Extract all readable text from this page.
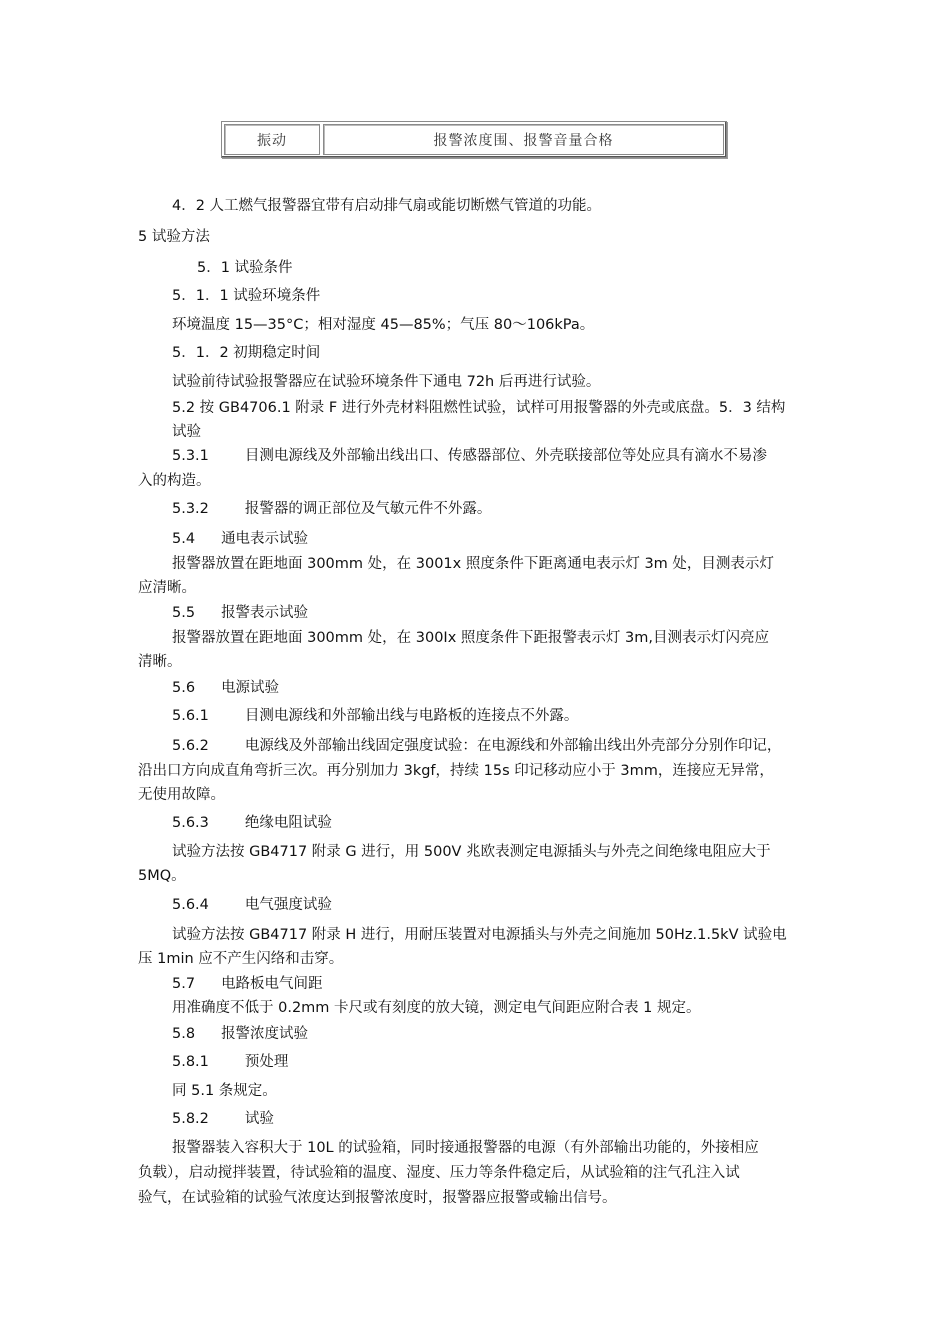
振动	报警浓度围、报警音量合格
4．2 人工燃气报警器宜带有启动排气扇或能切断燃气管道的功能。
5 试验方法
5．1 试验条件
5．1．1 试验环境条件
环境温度 15—35°C；相对湿度 45—85%；气压 80〜106kPa。
5．1．2 初期稳定时间
试验前待试验报警器应在试验环境条件下通电 72h 后再进行试验。
5.2 按 GB4706.1 附录 F 进行外壳材料阻燃性试验，试样可用报警器的外壳或底盘。5．3 结构
试验
5.3.1 目测电源线及外部输出线出口、传感器部位、外壳联接部位等处应具有滴水不易渗
入的构造。
5.3.2 报警器的调正部位及气敏元件不外露。
5.4 通电表示试验
报警器放置在距地面 300mm 处，在 3001x 照度条件下距离通电表示灯 3m 处，目测表示灯
应清晰。
5.5 报警表示试验
报警器放置在距地面 300mm 处，在 300Ix 照度条件下距报警表示灯 3m,目测表示灯闪亮应
清晰。
5.6 电源试验
5.6.1 目测电源线和外部输出线与电路板的连接点不外露。
5.6.2 电源线及外部输出线固定强度试验：在电源线和外部输出线出外壳部分分别作印记，
沿出口方向成直角弯折三次。再分别加力 3kgf，持续 15s 印记移动应小于 3mm，连接应无异常，
无使用故障。
5.6.3 绝缘电阻试验
试验方法按 GB4717 附录 G 进行，用 500V 兆欧表测定电源插头与外壳之间绝缘电阻应大于
5MQ。
5.6.4 电气强度试验
试验方法按 GB4717 附录 H 进行，用耐压装置对电源插头与外壳之间施加 50Hz.1.5kV 试验电
压 1min 应不产生闪络和击穿。
5.7 电路板电气间距
用准确度不低于 0.2mm 卡尺或有刻度的放大镜，测定电气间距应附合表 1 规定。
5.8 报警浓度试验
5.8.1 预处理
同 5.1 条规定。
5.8.2 试验
报警器装入容积大于 10L 的试验箱，同时接通报警器的电源（有外部输出功能的，外接相应
负载），启动搅拌装置，待试验箱的温度、湿度、压力等条件稳定后，从试验箱的注气孔注入试
验气，在试验箱的试验气浓度达到报警浓度时，报警器应报警或输出信号。
